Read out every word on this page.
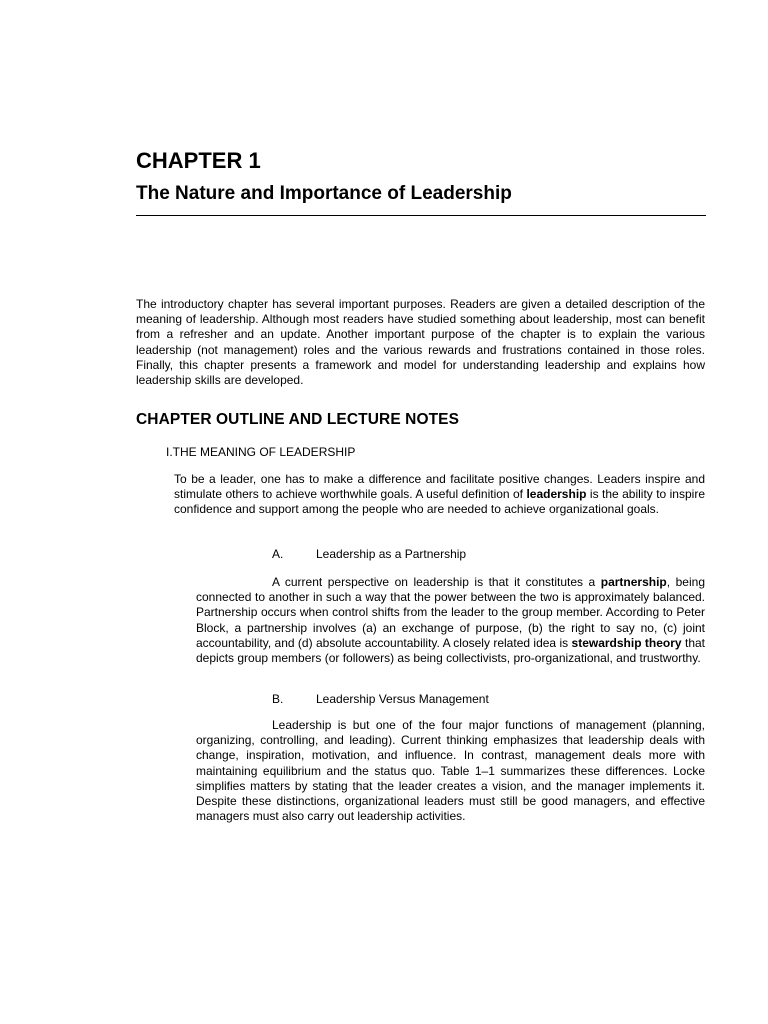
CHAPTER 1
The Nature and Importance of Leadership

The introductory chapter has several important purposes. Readers are given a detailed description of the meaning of leadership. Although most readers have studied something about leadership, most can benefit from a refresher and an update. Another important purpose of the chapter is to explain the various leadership (not management) roles and the various rewards and frustrations contained in those roles. Finally, this chapter presents a framework and model for understanding leadership and explains how leadership skills are developed.

CHAPTER OUTLINE AND LECTURE NOTES

I.THE MEANING OF LEADERSHIP

To be a leader, one has to make a difference and facilitate positive changes. Leaders inspire and stimulate others to achieve worthwhile goals. A useful definition of leadership is the ability to inspire confidence and support among the people who are needed to achieve organizational goals.

A.	Leadership as a Partnership

A current perspective on leadership is that it constitutes a partnership, being connected to another in such a way that the power between the two is approximately balanced. Partnership occurs when control shifts from the leader to the group member. According to Peter Block, a partnership involves (a) an exchange of purpose, (b) the right to say no, (c) joint accountability, and (d) absolute accountability. A closely related idea is stewardship theory that depicts group members (or followers) as being collectivists, pro-organizational, and trustworthy.

B.	Leadership Versus Management

Leadership is but one of the four major functions of management (planning, organizing, controlling, and leading). Current thinking emphasizes that leadership deals with change, inspiration, motivation, and influence. In contrast, management deals more with maintaining equilibrium and the status quo. Table 1–1 summarizes these differences. Locke simplifies matters by stating that the leader creates a vision, and the manager implements it. Despite these distinctions, organizational leaders must still be good managers, and effective managers must also carry out leadership activities.
